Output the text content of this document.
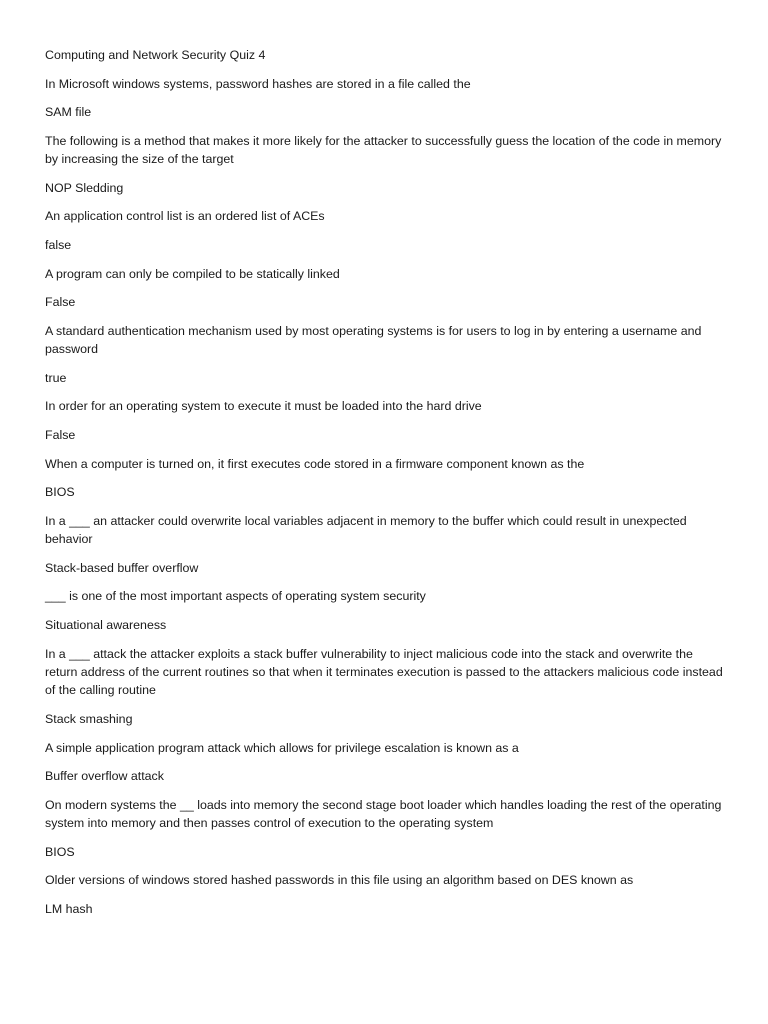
Computing and Network Security Quiz 4

In Microsoft windows systems, password hashes are stored in a file called the

SAM file

The following is a method that makes it more likely for the attacker to successfully guess the location of the code in memory by increasing the size of the target

NOP Sledding

An application control list is an ordered list of ACEs

false

A program can only be compiled to be statically linked

False

A standard authentication mechanism used by most operating systems is for users to log in by entering a username and password

true

In order for an operating system to execute it must be loaded into the hard drive

False

When a computer is turned on, it first executes code stored in a firmware component known as the

BIOS

In a ___ an attacker could overwrite local variables adjacent in memory to the buffer which could result in unexpected behavior

Stack-based buffer overflow

___ is one of the most important aspects of operating system security

Situational awareness

In a ___ attack the attacker exploits a stack buffer vulnerability to inject malicious code into the stack and overwrite the return address of the current routines so that when it terminates execution is passed to the attackers malicious code instead of the calling routine

Stack smashing

A simple application program attack which allows for privilege escalation is known as a

Buffer overflow attack

On modern systems the __ loads into memory the second stage boot loader which handles loading the rest of the operating system into memory and then passes control of execution to the operating system

BIOS

Older versions of windows stored hashed passwords in this file using an algorithm based on DES known as

LM hash
